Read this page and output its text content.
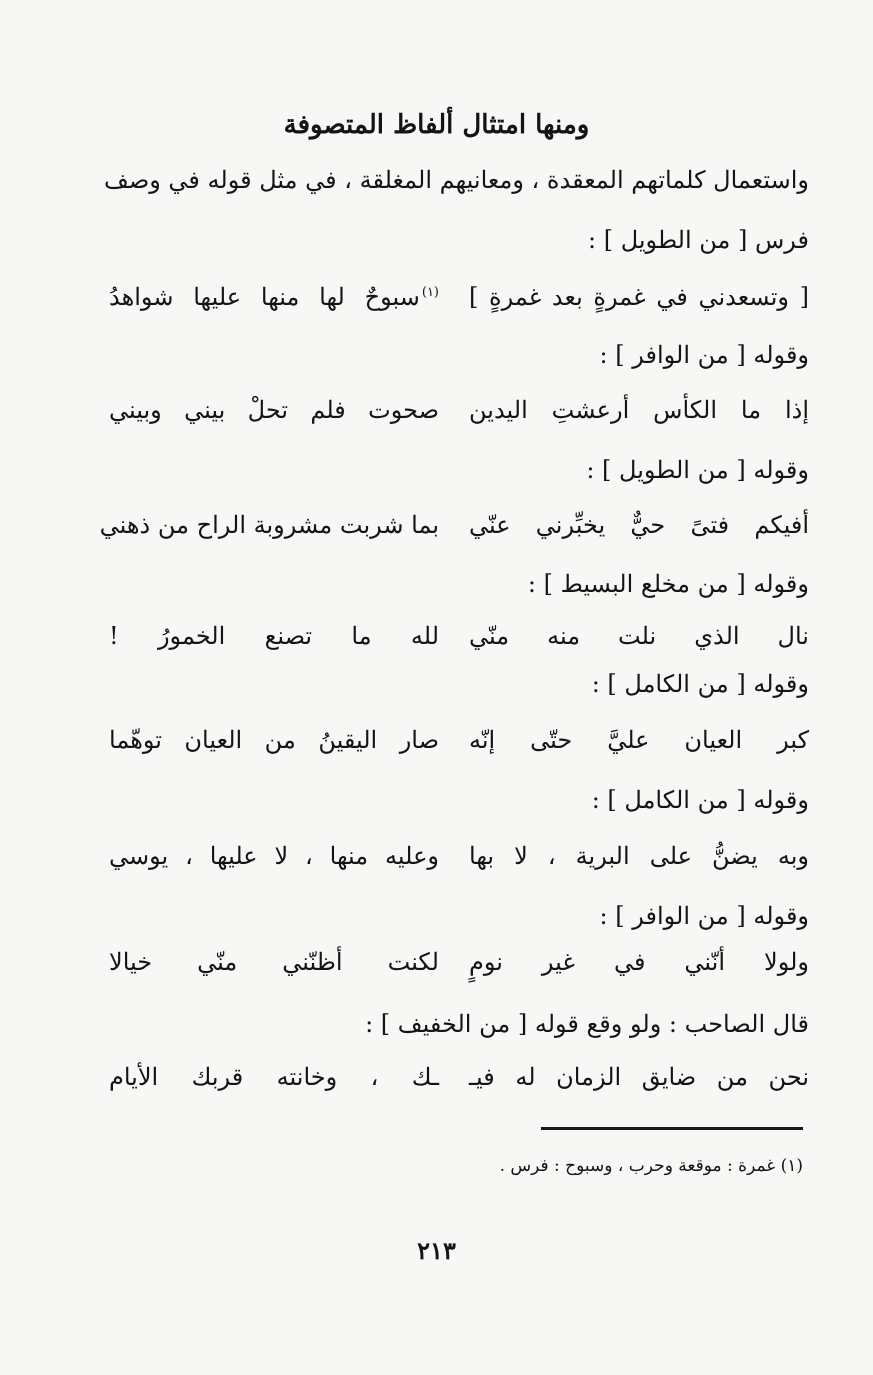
ومنها امتثال ألفاظ المتصوفة
واستعمال كلماتهم المعقدة ، ومعانيهم المغلقة ، في مثل قوله في وصف
فرس [ من الطويل ] :
[ وتسعدني في غمرةٍ بعد غمرةٍ ]
$^{(١)}$سبوحٌ لها منها عليها شواهدُ
وقوله [ من الوافر ] :
إذا ما الكأس أرعشتِ اليدين
صحوت فلم تحلْ بيني وبيني
وقوله [ من الطويل ] :
أفيكم فتىً حيٌّ يخبِّرني عنّي
بما شربت مشروبة الراح من ذهني
وقوله [ من مخلع البسيط ] :
نال الذي نلت منه منّي
لله ما تصنع الخمورُ !
وقوله [ من الكامل ] :
كبر العيان عليَّ حتّى إنّه
صار اليقينُ من العيان توهّما
وقوله [ من الكامل ] :
وبه يضنُّ على البرية ، لا بها
وعليه منها ، لا عليها ، يوسي
وقوله [ من الوافر ] :
ولولا أنّني في غير نومٍ
لكنت أظنّني منّي خيالا
قال الصاحب : ولو وقع قوله [ من الخفيف ] :
نحن من ضايق الزمان له فيـ
ـك ، وخانته قربك الأيام
(١) غمرة : موقعة وحرب ، وسبوح : فرس .
٢١٣
